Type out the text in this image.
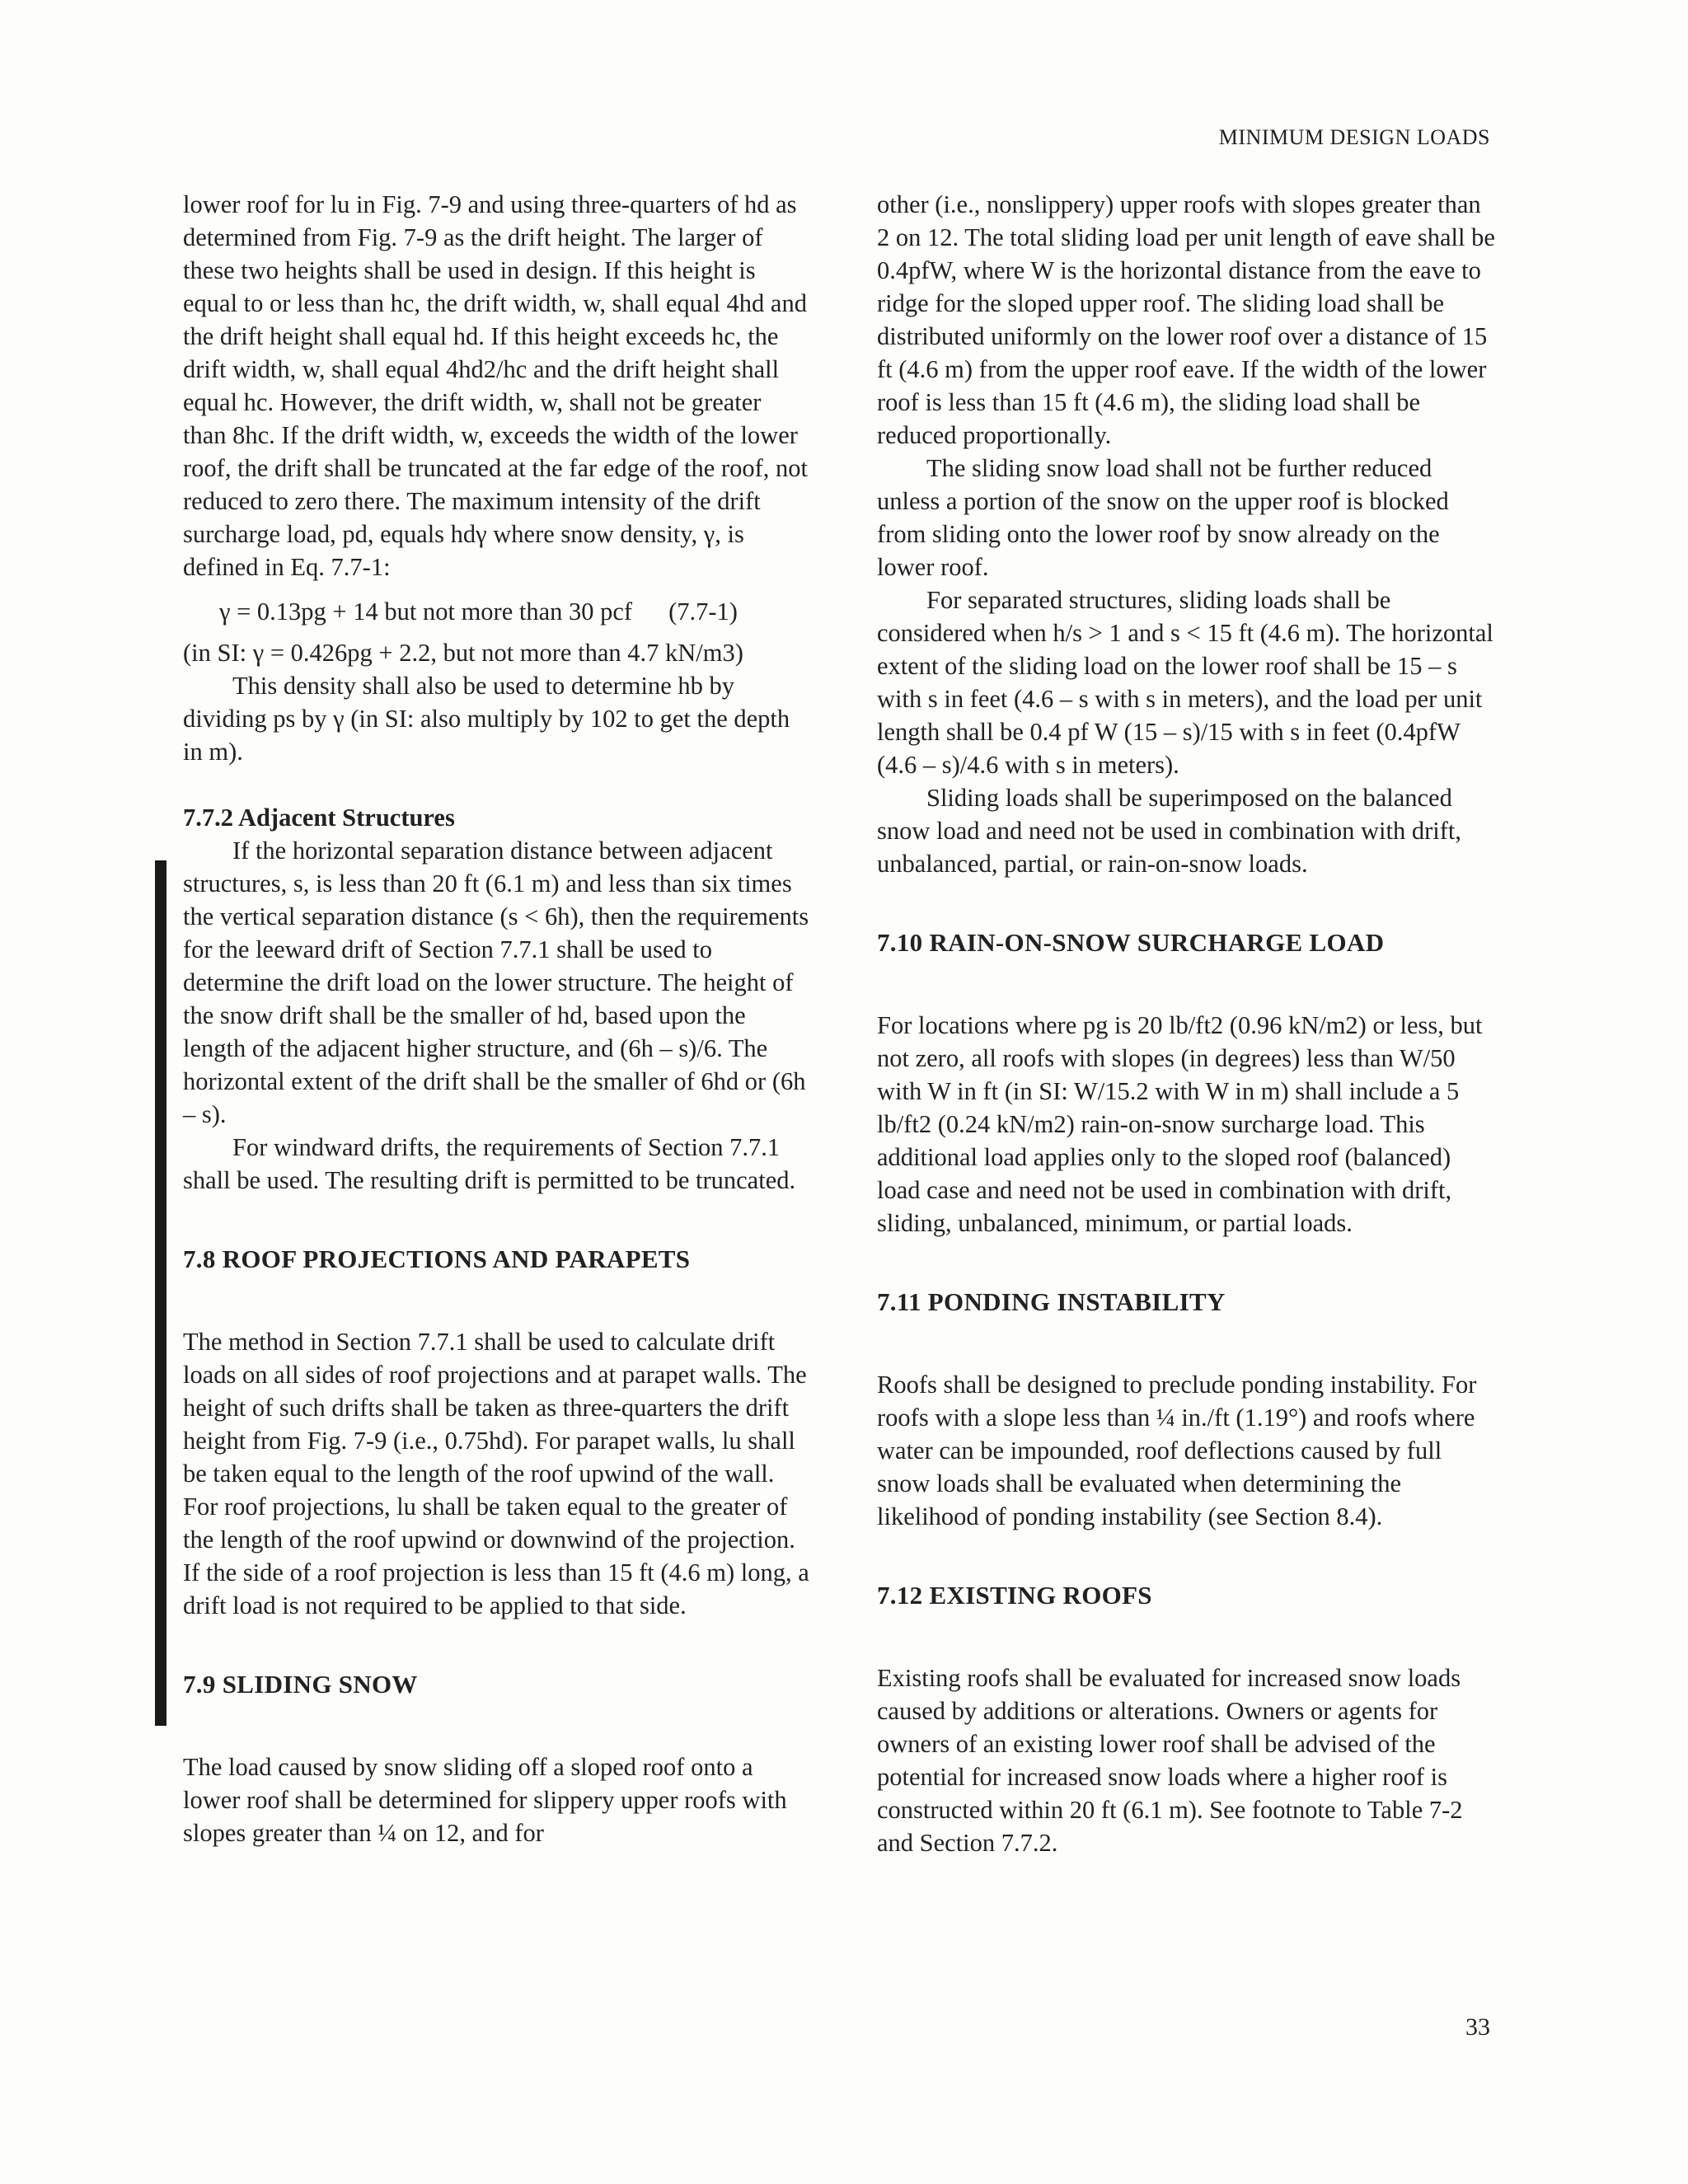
MINIMUM DESIGN LOADS

lower roof for lu in Fig. 7-9 and using three-quarters of hd as determined from Fig. 7-9 as the drift height. The larger of these two heights shall be used in design. If this height is equal to or less than hc, the drift width, w, shall equal 4hd and the drift height shall equal hd. If this height exceeds hc, the drift width, w, shall equal 4hd2/hc and the drift height shall equal hc. However, the drift width, w, shall not be greater than 8hc. If the drift width, w, exceeds the width of the lower roof, the drift shall be truncated at the far edge of the roof, not reduced to zero there. The maximum intensity of the drift surcharge load, pd, equals hdγ where snow density, γ, is defined in Eq. 7.7-1:

γ = 0.13pg + 14 but not more than 30 pcf (7.7-1)

(in SI: γ = 0.426pg + 2.2, but not more than 4.7 kN/m3)

This density shall also be used to determine hb by dividing ps by γ (in SI: also multiply by 102 to get the depth in m).

7.7.2 Adjacent Structures

If the horizontal separation distance between adjacent structures, s, is less than 20 ft (6.1 m) and less than six times the vertical separation distance (s < 6h), then the requirements for the leeward drift of Section 7.7.1 shall be used to determine the drift load on the lower structure. The height of the snow drift shall be the smaller of hd, based upon the length of the adjacent higher structure, and (6h – s)/6. The horizontal extent of the drift shall be the smaller of 6hd or (6h – s).

For windward drifts, the requirements of Section 7.7.1 shall be used. The resulting drift is permitted to be truncated.

7.8 ROOF PROJECTIONS AND PARAPETS

The method in Section 7.7.1 shall be used to calculate drift loads on all sides of roof projections and at parapet walls. The height of such drifts shall be taken as three-quarters the drift height from Fig. 7-9 (i.e., 0.75hd). For parapet walls, lu shall be taken equal to the length of the roof upwind of the wall. For roof projections, lu shall be taken equal to the greater of the length of the roof upwind or downwind of the projection. If the side of a roof projection is less than 15 ft (4.6 m) long, a drift load is not required to be applied to that side.

7.9 SLIDING SNOW

The load caused by snow sliding off a sloped roof onto a lower roof shall be determined for slippery upper roofs with slopes greater than ¼ on 12, and for

other (i.e., nonslippery) upper roofs with slopes greater than 2 on 12. The total sliding load per unit length of eave shall be 0.4pfW, where W is the horizontal distance from the eave to ridge for the sloped upper roof. The sliding load shall be distributed uniformly on the lower roof over a distance of 15 ft (4.6 m) from the upper roof eave. If the width of the lower roof is less than 15 ft (4.6 m), the sliding load shall be reduced proportionally.

The sliding snow load shall not be further reduced unless a portion of the snow on the upper roof is blocked from sliding onto the lower roof by snow already on the lower roof.

For separated structures, sliding loads shall be considered when h/s > 1 and s < 15 ft (4.6 m). The horizontal extent of the sliding load on the lower roof shall be 15 – s with s in feet (4.6 – s with s in meters), and the load per unit length shall be 0.4 pf W (15 – s)/15 with s in feet (0.4pfW (4.6 – s)/4.6 with s in meters).

Sliding loads shall be superimposed on the balanced snow load and need not be used in combination with drift, unbalanced, partial, or rain-on-snow loads.

7.10 RAIN-ON-SNOW SURCHARGE LOAD

For locations where pg is 20 lb/ft2 (0.96 kN/m2) or less, but not zero, all roofs with slopes (in degrees) less than W/50 with W in ft (in SI: W/15.2 with W in m) shall include a 5 lb/ft2 (0.24 kN/m2) rain-on-snow surcharge load. This additional load applies only to the sloped roof (balanced) load case and need not be used in combination with drift, sliding, unbalanced, minimum, or partial loads.

7.11 PONDING INSTABILITY

Roofs shall be designed to preclude ponding instability. For roofs with a slope less than ¼ in./ft (1.19°) and roofs where water can be impounded, roof deflections caused by full snow loads shall be evaluated when determining the likelihood of ponding instability (see Section 8.4).

7.12 EXISTING ROOFS

Existing roofs shall be evaluated for increased snow loads caused by additions or alterations. Owners or agents for owners of an existing lower roof shall be advised of the potential for increased snow loads where a higher roof is constructed within 20 ft (6.1 m). See footnote to Table 7-2 and Section 7.7.2.

33
